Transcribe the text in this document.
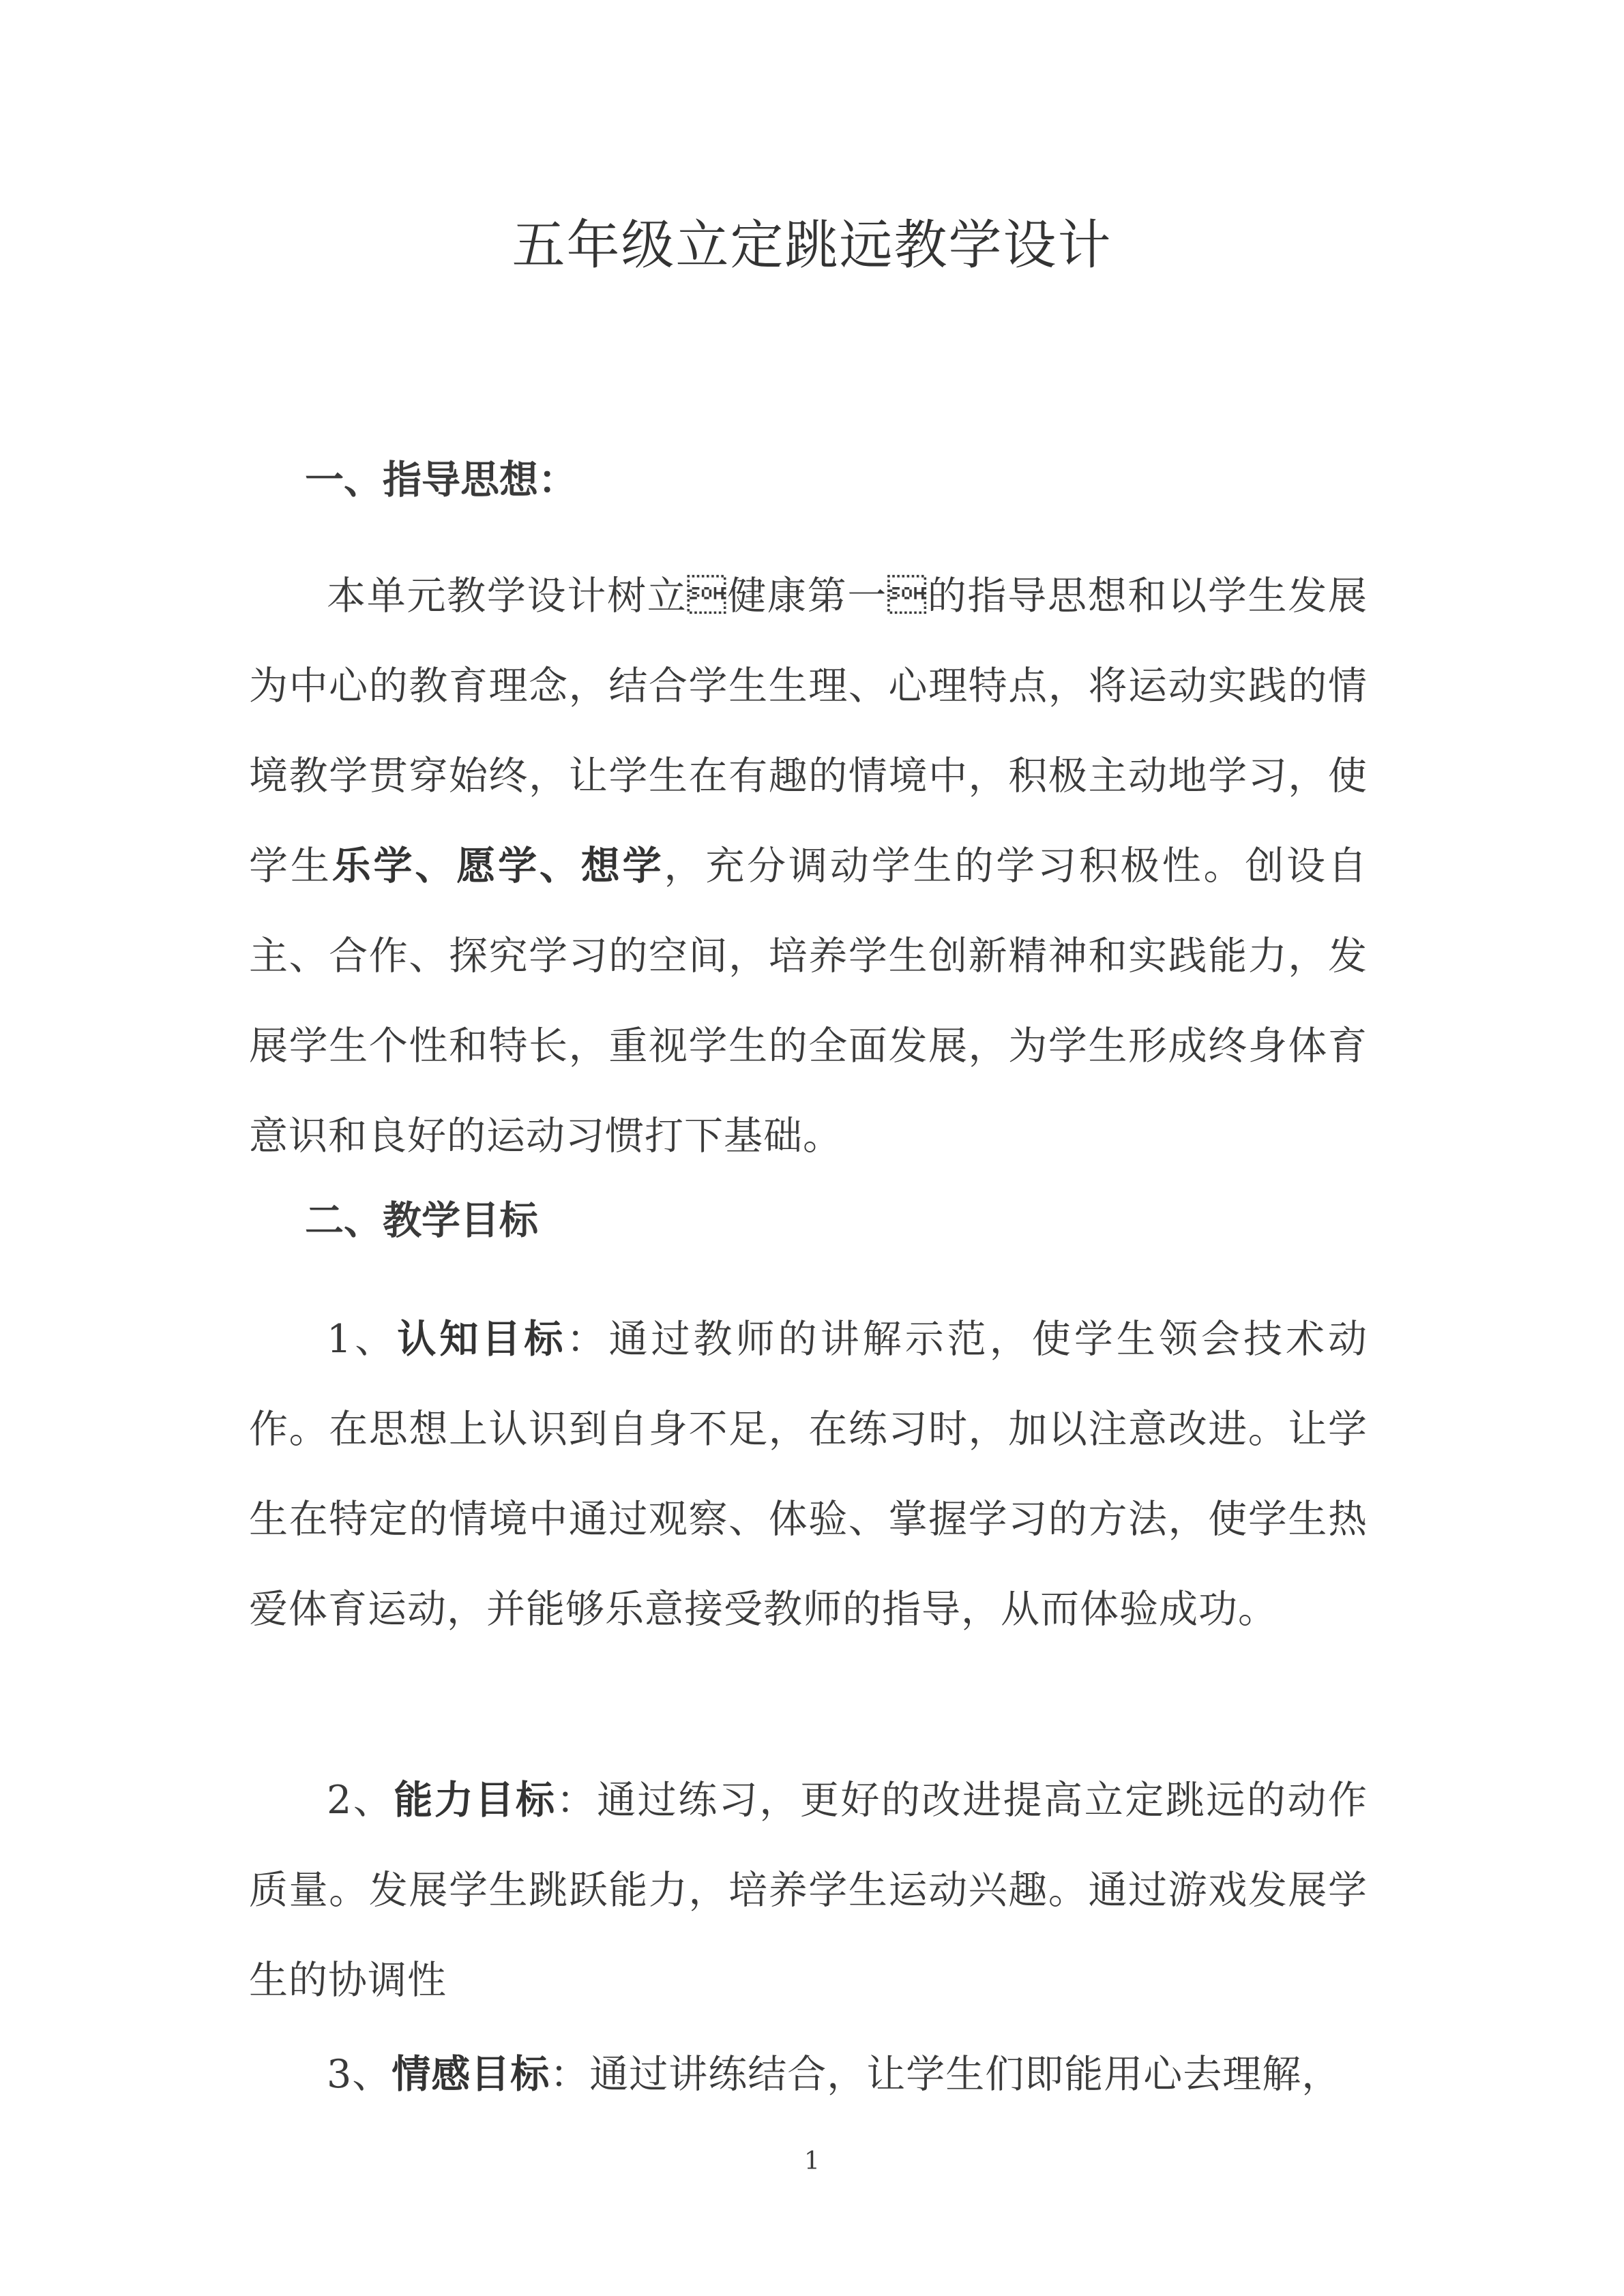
五年级立定跳远教学设计
一、指导思想：
本单元教学设计树立健康第一的指导思想和以学生发展为中心的教育理念，结合学生生理、心理特点，将运动实践的情境教学贯穿始终，让学生在有趣的情境中，积极主动地学习，使学生乐学、愿学、想学，充分调动学生的学习积极性。创设自主、合作、探究学习的空间，培养学生创新精神和实践能力，发展学生个性和特长，重视学生的全面发展，为学生形成终身体育意识和良好的运动习惯打下基础。
二、教学目标
1、认知目标：通过教师的讲解示范，使学生领会技术动作。在思想上认识到自身不足，在练习时，加以注意改进。让学生在特定的情境中通过观察、体验、掌握学习的方法，使学生热爱体育运动，并能够乐意接受教师的指导，从而体验成功。
2、能力目标：通过练习，更好的改进提高立定跳远的动作质量。发展学生跳跃能力，培养学生运动兴趣。通过游戏发展学生的协调性
3、情感目标：通过讲练结合，让学生们即能用心去理解，
1
